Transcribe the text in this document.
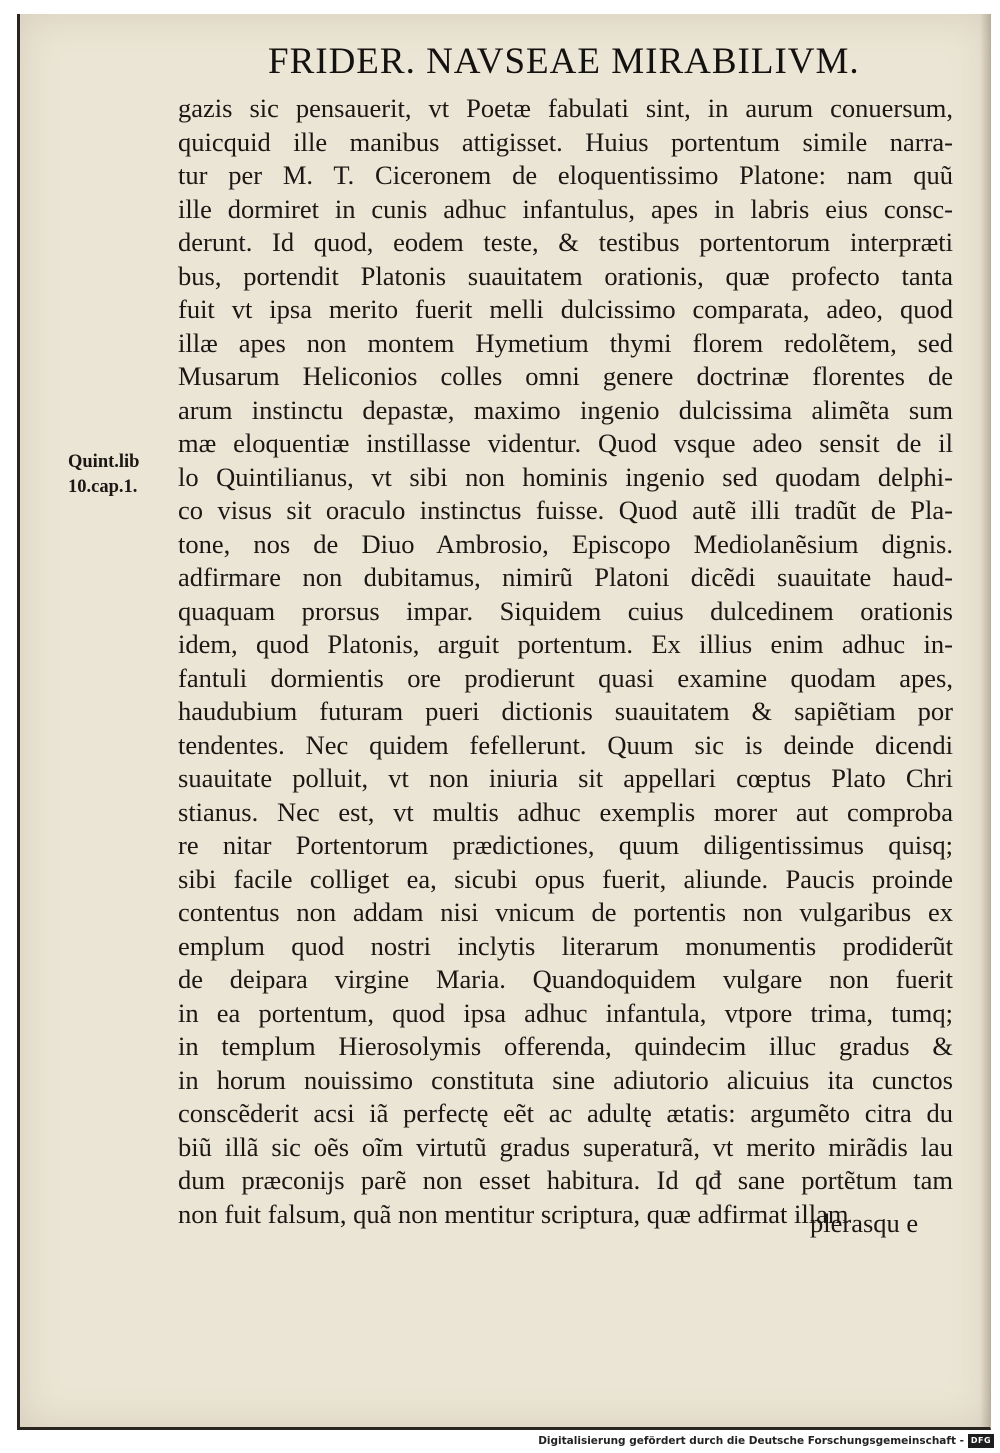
FRIDER. NAVSEAE MIRABILIVM.
Quint.lib
10.cap.1.
gazis sic pensauerit, vt Poetæ fabulati sint, in aurum conuersum,
quicquid ille manibus attigisset. Huius portentum simile narra-
tur per M. T. Ciceronem de eloquentissimo Platone: nam quũ
ille dormiret in cunis adhuc infantulus, apes in labris eius consc-
derunt. Id quod, eodem teste, & testibus portentorum interpræti
bus, portendit Platonis suauitatem orationis, quæ profecto tanta
fuit vt ipsa merito fuerit melli dulcissimo comparata, adeo, quod
illæ apes non montem Hymetium thymi florem redolẽtem, sed
Musarum Heliconios colles omni genere doctrinæ florentes de
arum instinctu depastæ, maximo ingenio dulcissima alimẽta sum
mæ eloquentiæ instillasse videntur. Quod vsque adeo sensit de il
lo Quintilianus, vt sibi non hominis ingenio sed quodam delphi-
co visus sit oraculo instinctus fuisse. Quod autẽ illi tradũt de Pla-
tone, nos de Diuo Ambrosio, Episcopo Mediolanẽsium dignis.
adfirmare non dubitamus, nimirũ Platoni dicẽdi suauitate haud-
quaquam prorsus impar. Siquidem cuius dulcedinem orationis
idem, quod Platonis, arguit portentum. Ex illius enim adhuc in-
fantuli dormientis ore prodierunt quasi examine quodam apes,
haudubium futuram pueri dictionis suauitatem & sapiẽtiam por
tendentes. Nec quidem fefellerunt. Quum sic is deinde dicendi
suauitate polluit, vt non iniuria sit appellari cœptus Plato Chri
stianus. Nec est, vt multis adhuc exemplis morer aut comproba
re nitar Portentorum prædictiones, quum diligentissimus quisq;
sibi facile colliget ea, sicubi opus fuerit, aliunde. Paucis proinde
contentus non addam nisi vnicum de portentis non vulgaribus ex
emplum quod nostri inclytis literarum monumentis prodiderũt
de deipara virgine Maria. Quandoquidem vulgare non fuerit
in ea portentum, quod ipsa adhuc infantula, vtpore trima, tumq;
in templum Hierosolymis offerenda, quindecim illuc gradus &
in horum nouissimo constituta sine adiutorio alicuius ita cunctos
conscẽderit acsi iã perfectę eẽt ac adultę ætatis: argumẽto citra du
biũ illã sic oẽs oĩm virtutũ gradus superaturã, vt merito mirãdis lau
dum præconijs parẽ non esset habitura. Id qđ sane portẽtum tam
non fuit falsum, quã non mentitur scriptura, quæ adfirmat illam
plerasqu e
Digitalisierung gefördert durch die Deutsche Forschungsgemeinschaft - DFG
